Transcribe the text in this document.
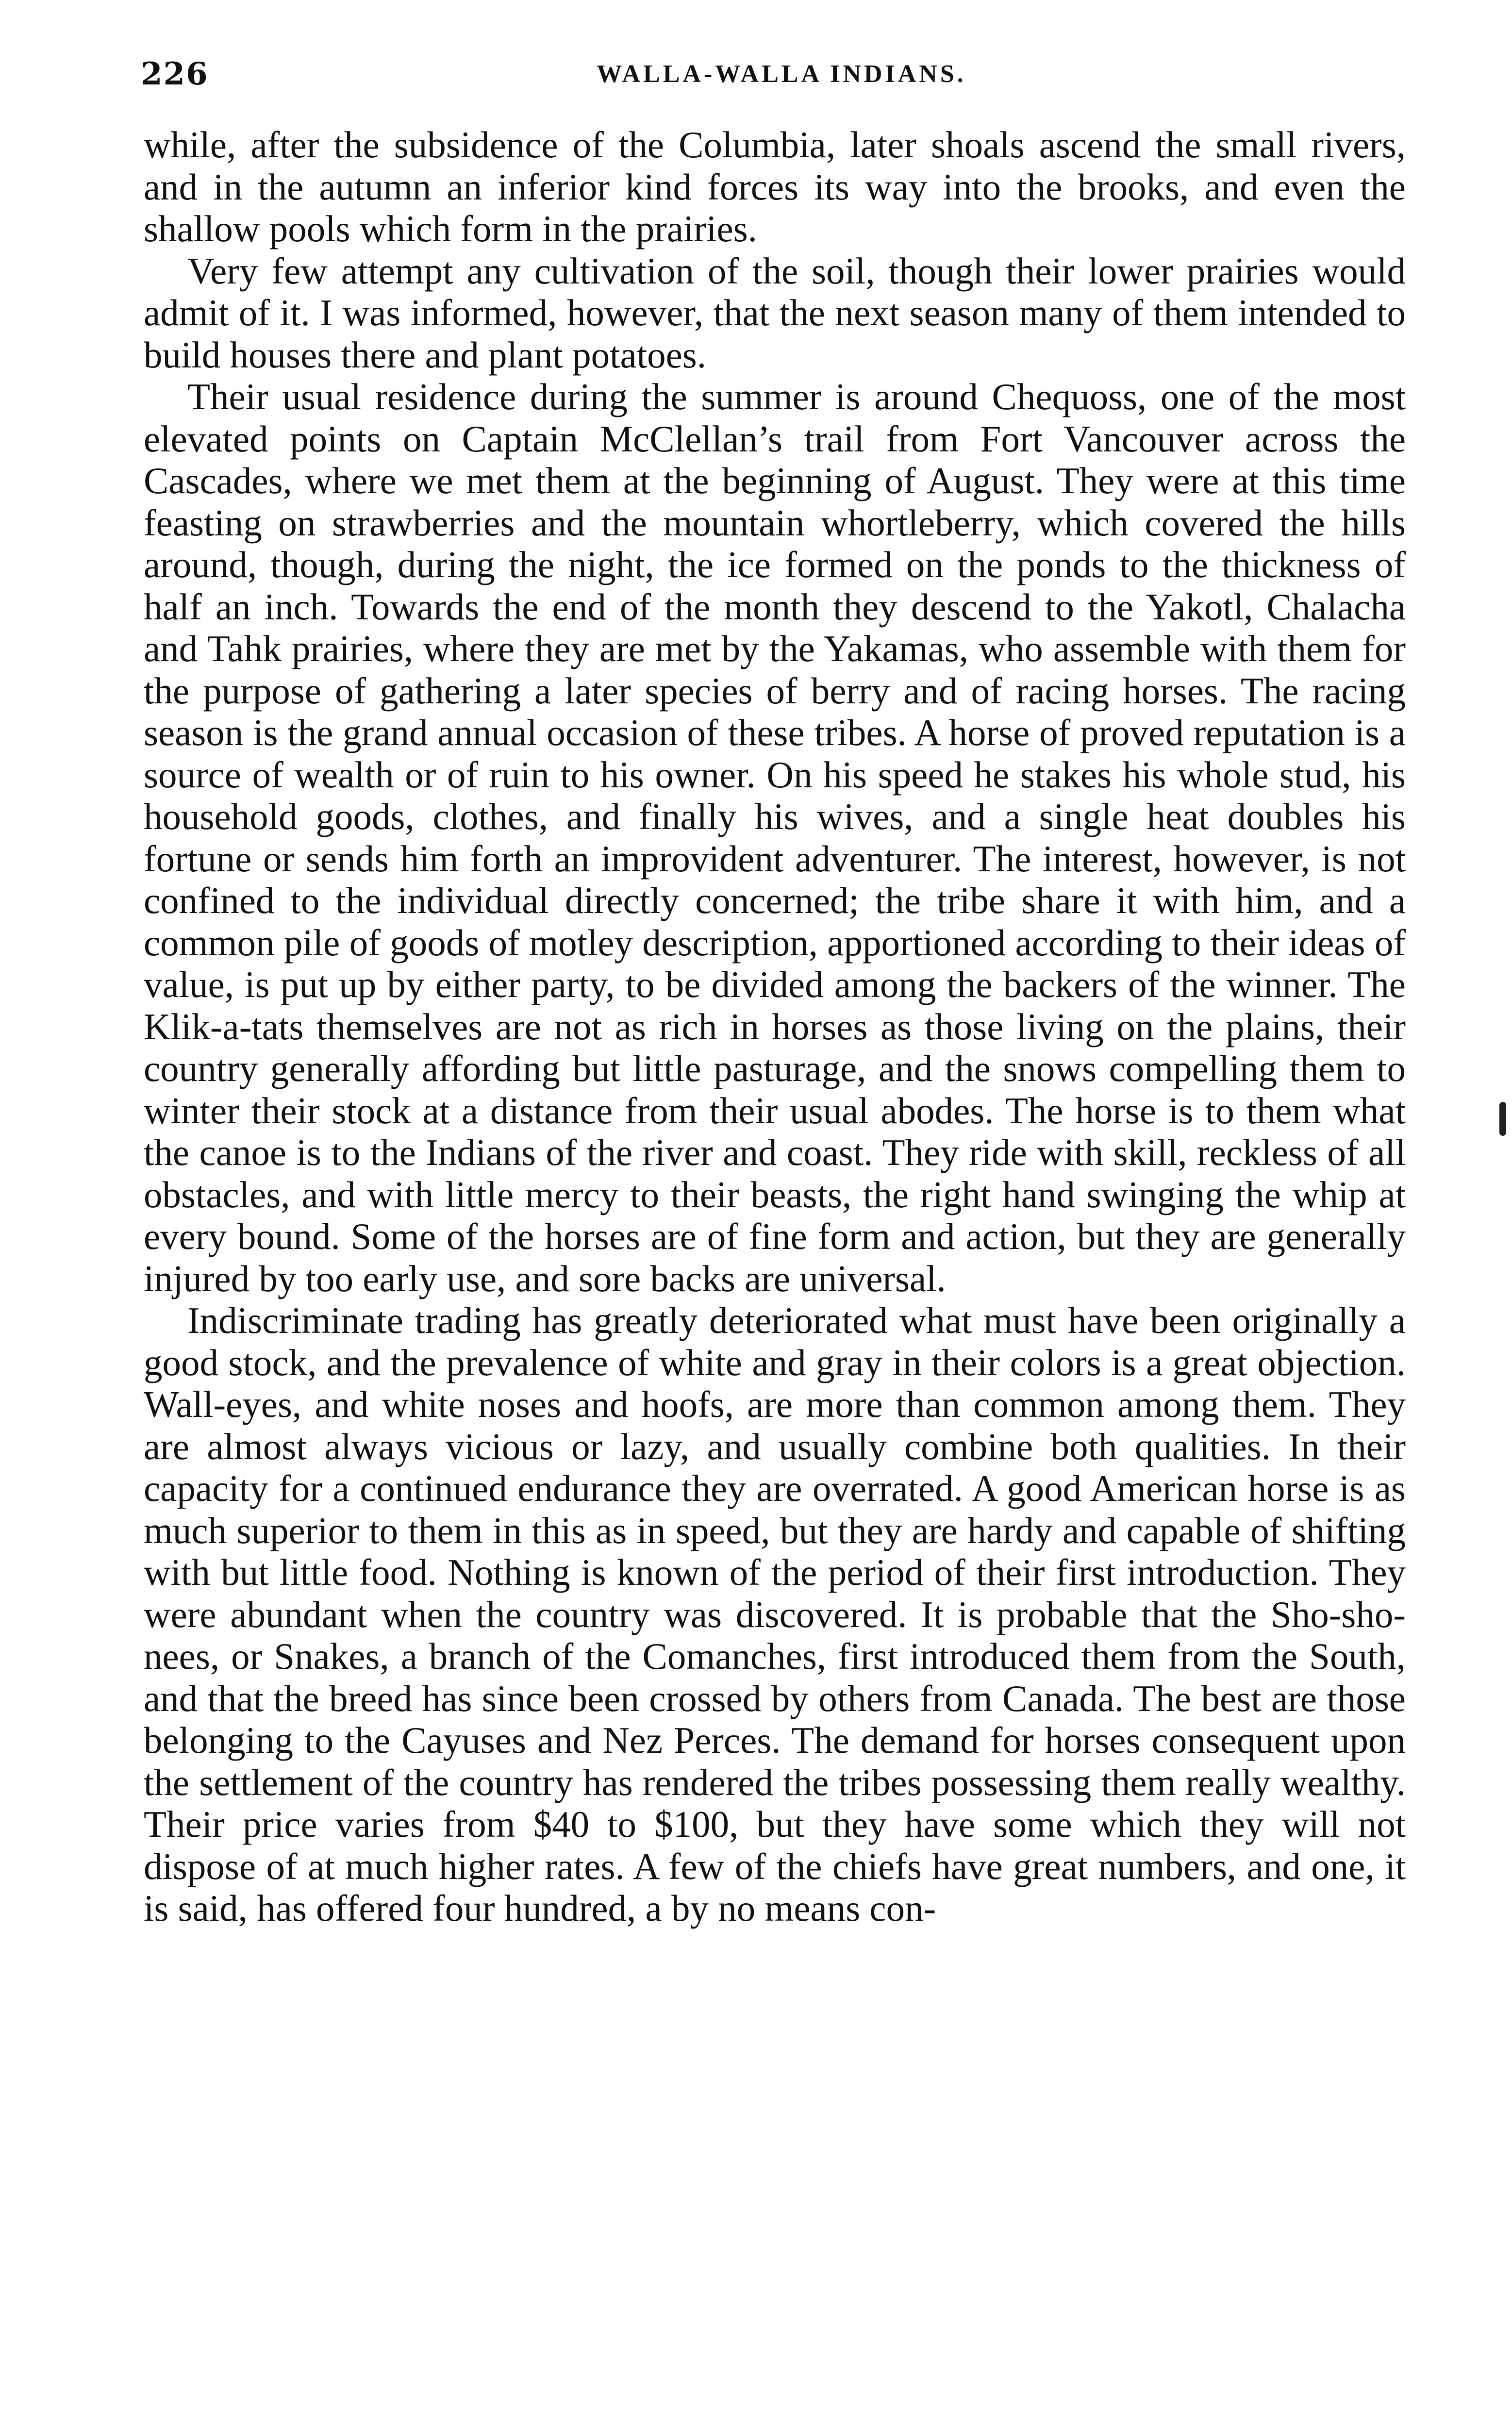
226	WALLA-WALLA INDIANS.

while, after the subsidence of the Columbia, later shoals ascend the small rivers, and in the autumn an inferior kind forces its way into the brooks, and even the shallow pools which form in the prairies.

Very few attempt any cultivation of the soil, though their lower prairies would admit of it. I was informed, however, that the next season many of them intended to build houses there and plant potatoes.

Their usual residence during the summer is around Chequoss, one of the most elevated points on Captain McClellan’s trail from Fort Vancouver across the Cascades, where we met them at the beginning of August. They were at this time feasting on strawberries and the mountain whortleberry, which covered the hills around, though, during the night, the ice formed on the ponds to the thickness of half an inch. Towards the end of the month they descend to the Yakotl, Chalacha and Tahk prairies, where they are met by the Yakamas, who assemble with them for the purpose of gathering a later species of berry and of racing horses. The racing season is the grand annual occasion of these tribes. A horse of proved reputation is a source of wealth or of ruin to his owner. On his speed he stakes his whole stud, his household goods, clothes, and finally his wives, and a single heat doubles his fortune or sends him forth an improvident adventurer. The interest, however, is not confined to the individual directly concerned; the tribe share it with him, and a common pile of goods of motley description, apportioned according to their ideas of value, is put up by either party, to be divided among the backers of the winner. The Klik-a-tats themselves are not as rich in horses as those living on the plains, their country generally affording but little pasturage, and the snows compelling them to winter their stock at a distance from their usual abodes. The horse is to them what the canoe is to the Indians of the river and coast. They ride with skill, reckless of all obstacles, and with little mercy to their beasts, the right hand swinging the whip at every bound. Some of the horses are of fine form and action, but they are generally injured by too early use, and sore backs are universal.

Indiscriminate trading has greatly deteriorated what must have been originally a good stock, and the prevalence of white and gray in their colors is a great objection. Wall-eyes, and white noses and hoofs, are more than common among them. They are almost always vicious or lazy, and usually combine both qualities. In their capacity for a continued endurance they are overrated. A good American horse is as much superior to them in this as in speed, but they are hardy and capable of shifting with but little food. Nothing is known of the period of their first introduction. They were abundant when the country was discovered. It is probable that the Sho-sho-nees, or Snakes, a branch of the Comanches, first introduced them from the South, and that the breed has since been crossed by others from Canada. The best are those belonging to the Cayuses and Nez Perces. The demand for horses consequent upon the settlement of the country has rendered the tribes possessing them really wealthy. Their price varies from $40 to $100, but they have some which they will not dispose of at much higher rates. A few of the chiefs have great numbers, and one, it is said, has offered four hundred, a by no means con-
